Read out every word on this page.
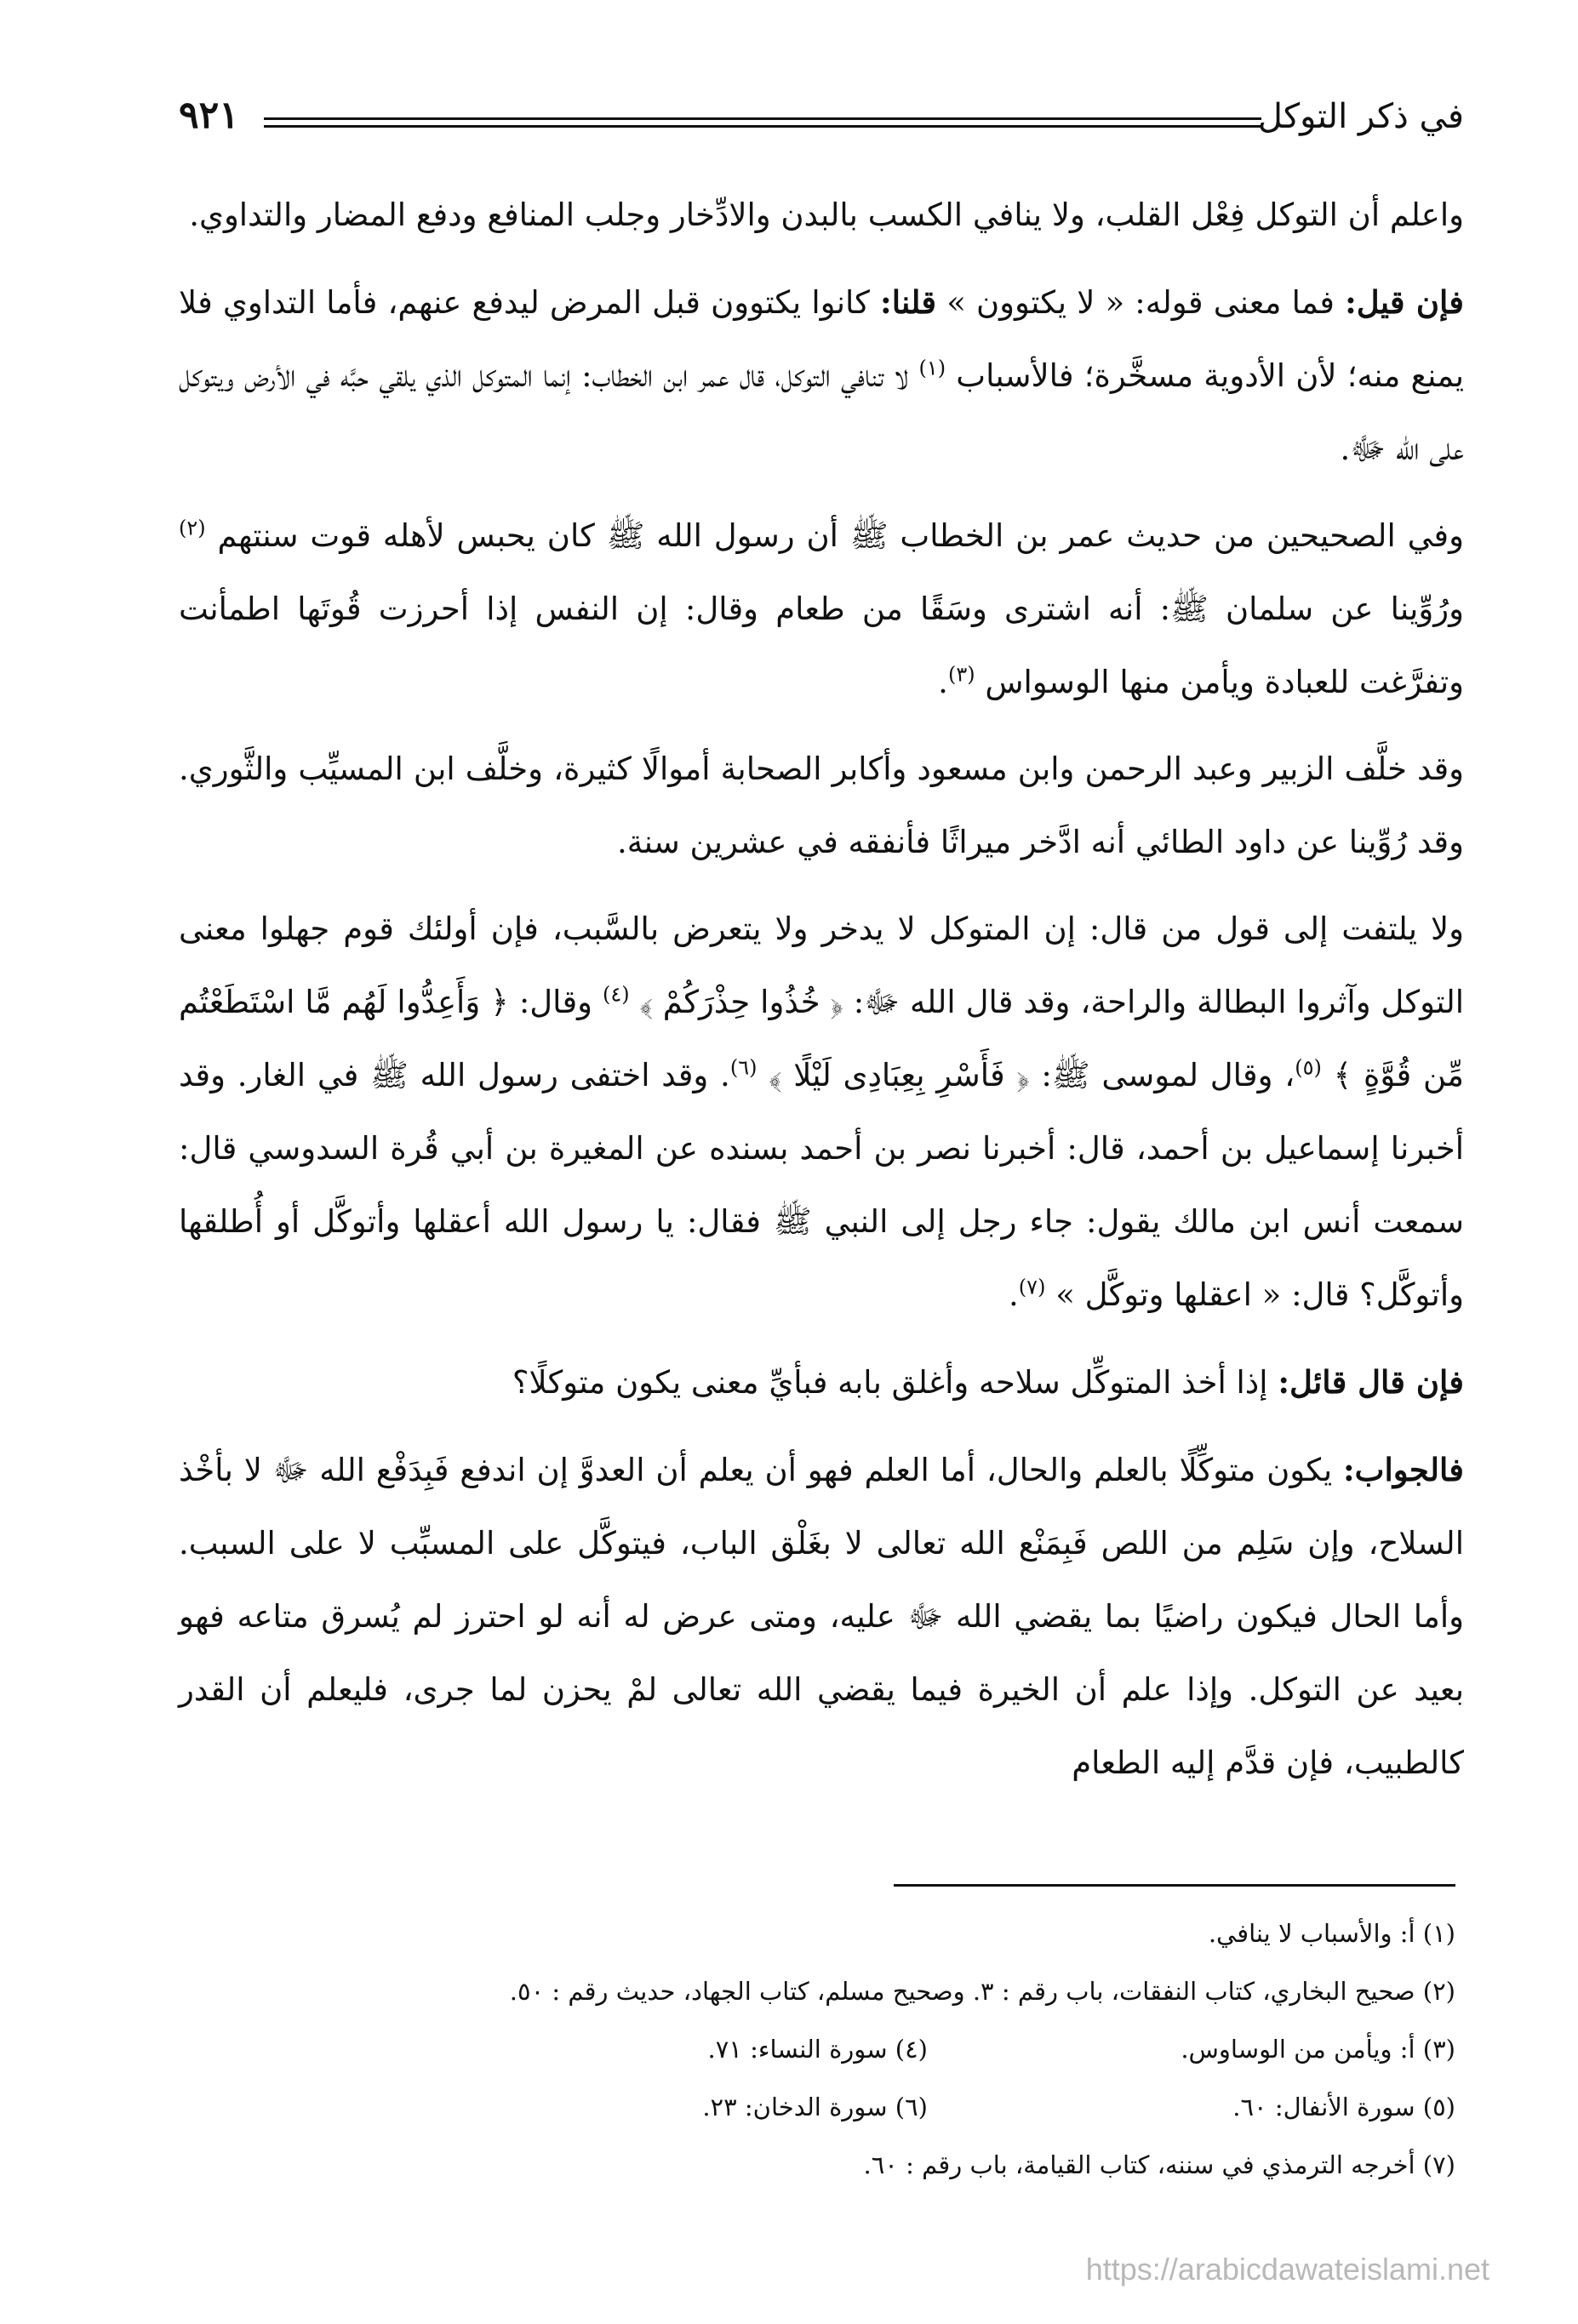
في ذكر التوكل
٩٢١

واعلم أن التوكل فِعْل القلب، ولا ينافي الكسب بالبدن والادِّخار وجلب المنافع ودفع المضار والتداوي.

فإن قيل: فما معنى قوله: « لا يكتوون » قلنا: كانوا يكتوون قبل المرض ليدفع عنهم، فأما التداوي فلا يمنع منه؛ لأن الأدوية مسخَّرة؛ فالأسباب $^{(١)}$ لا تنافي التوكل، قال عمر ابن الخطاب: إنما المتوكل الذي يلقي حبَّه في الأرض ويتوكل على الله ﷻ.

وفي الصحيحين من حديث عمر بن الخطاب ﷺ أن رسول الله ﷺ كان يحبس لأهله قوت سنتهم $^{(٢)}$ ورُوِّينا عن سلمان ﷺ: أنه اشترى وسَقًا من طعام وقال: إن النفس إذا أحرزت قُوتَها اطمأنت وتفرَّغت للعبادة ويأمن منها الوسواس $^{(٣)}$.

وقد خلَّف الزبير وعبد الرحمن وابن مسعود وأكابر الصحابة أموالًا كثيرة، وخلَّف ابن المسيِّب والثَّوري. وقد رُوِّينا عن داود الطائي أنه ادَّخر ميراثًا فأنفقه في عشرين سنة.

ولا يلتفت إلى قول من قال: إن المتوكل لا يدخر ولا يتعرض بالسَّبب، فإن أولئك قوم جهلوا معنى التوكل وآثروا البطالة والراحة، وقد قال الله ﷻ: ﴿ خُذُوا حِذْرَكُمْ ﴾ $^{(٤)}$ وقال: ﴿ وَأَعِدُّوا لَهُم مَّا اسْتَطَعْتُم مِّن قُوَّةٍ ﴾ $^{(٥)}$، وقال لموسى ﷺ: ﴿ فَأَسْرِ بِعِبَادِى لَيْلًا ﴾ $^{(٦)}$. وقد اختفى رسول الله ﷺ في الغار. وقد أخبرنا إسماعيل بن أحمد، قال: أخبرنا نصر بن أحمد بسنده عن المغيرة بن أبي قُرة السدوسي قال: سمعت أنس ابن مالك يقول: جاء رجل إلى النبي ﷺ فقال: يا رسول الله أعقلها وأتوكَّل أو أُطلقها وأتوكَّل؟ قال: « اعقلها وتوكَّل » $^{(٧)}$.

فإن قال قائل: إذا أخذ المتوكِّل سلاحه وأغلق بابه فبأيِّ معنى يكون متوكلًا؟

فالجواب: يكون متوكِّلًا بالعلم والحال، أما العلم فهو أن يعلم أن العدوَّ إن اندفع فَبِدَفْع الله ﷻ لا بأخْذ السلاح، وإن سَلِم من اللص فَبِمَنْع الله تعالى لا بغَلْق الباب، فيتوكَّل على المسبِّب لا على السبب. وأما الحال فيكون راضيًا بما يقضي الله ﷻ عليه، ومتى عرض له أنه لو احترز لم يُسرق متاعه فهو بعيد عن التوكل. وإذا علم أن الخيرة فيما يقضي الله تعالى لمْ يحزن لما جرى، فليعلم أن القدر كالطبيب، فإن قدَّم إليه الطعام

(١) أ: والأسباب لا ينافي.
(٢) صحيح البخاري، كتاب النفقات، باب رقم : ٣. وصحيح مسلم، كتاب الجهاد، حديث رقم : ٥٠.
(٣) أ: ويأمن من الوساوس.
(٤) سورة النساء: ٧١.
(٥) سورة الأنفال: ٦٠.
(٦) سورة الدخان: ٢٣.
(٧) أخرجه الترمذي في سننه، كتاب القيامة، باب رقم : ٦٠.
https://arabicdawateislami.net
